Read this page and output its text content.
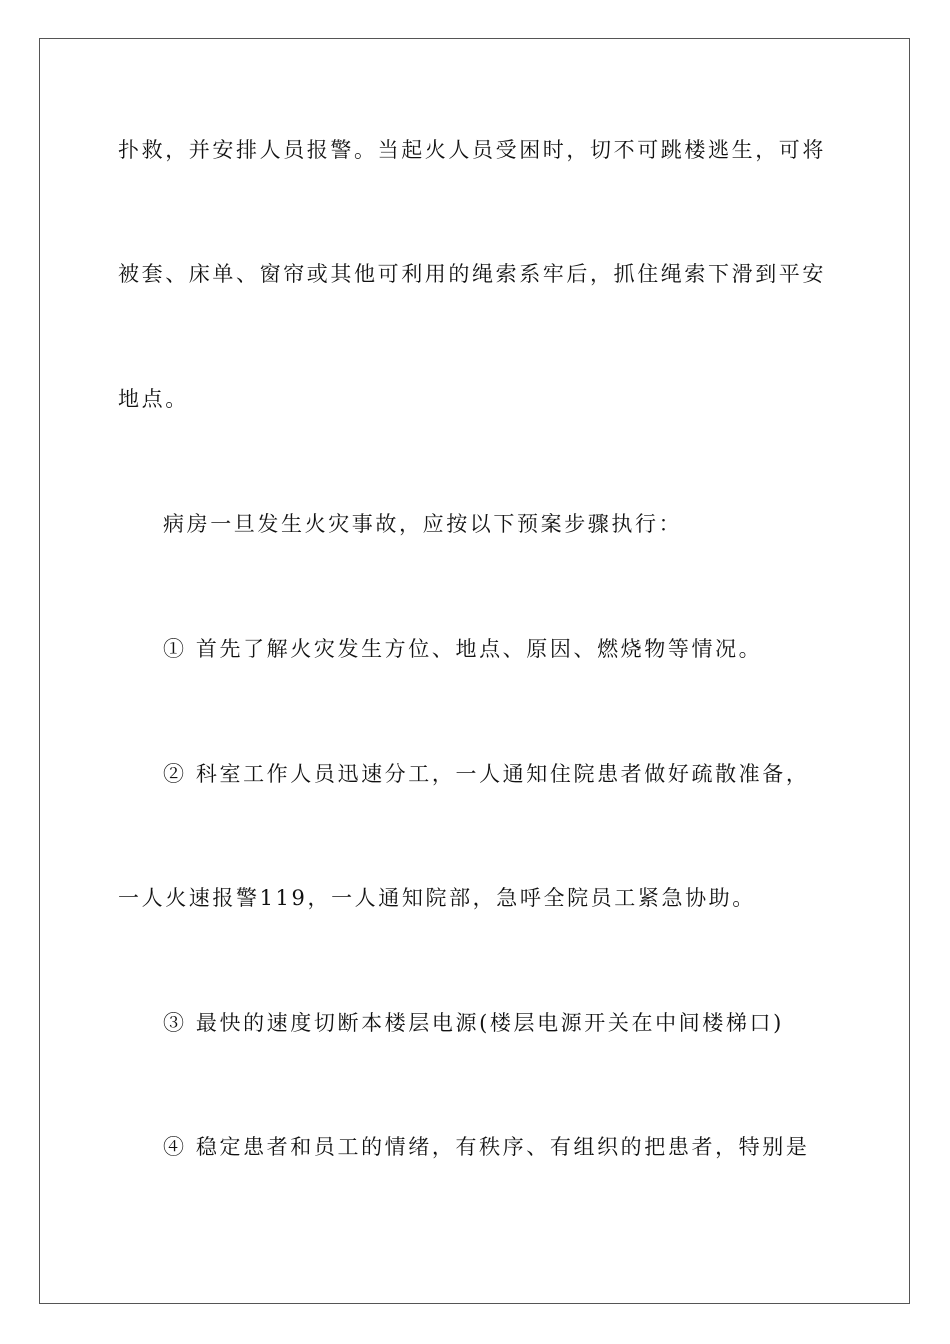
扑救，并安排人员报警。当起火人员受困时，切不可跳楼逃生，可将
被套、床单、窗帘或其他可利用的绳索系牢后，抓住绳索下滑到平安
地点。
病房一旦发生火灾事故，应按以下预案步骤执行：
① 首先了解火灾发生方位、地点、原因、燃烧物等情况。
② 科室工作人员迅速分工，一人通知住院患者做好疏散准备，
一人火速报警119，一人通知院部，急呼全院员工紧急协助。
③ 最快的速度切断本楼层电源(楼层电源开关在中间楼梯口)
④ 稳定患者和员工的情绪，有秩序、有组织的把患者，特别是
